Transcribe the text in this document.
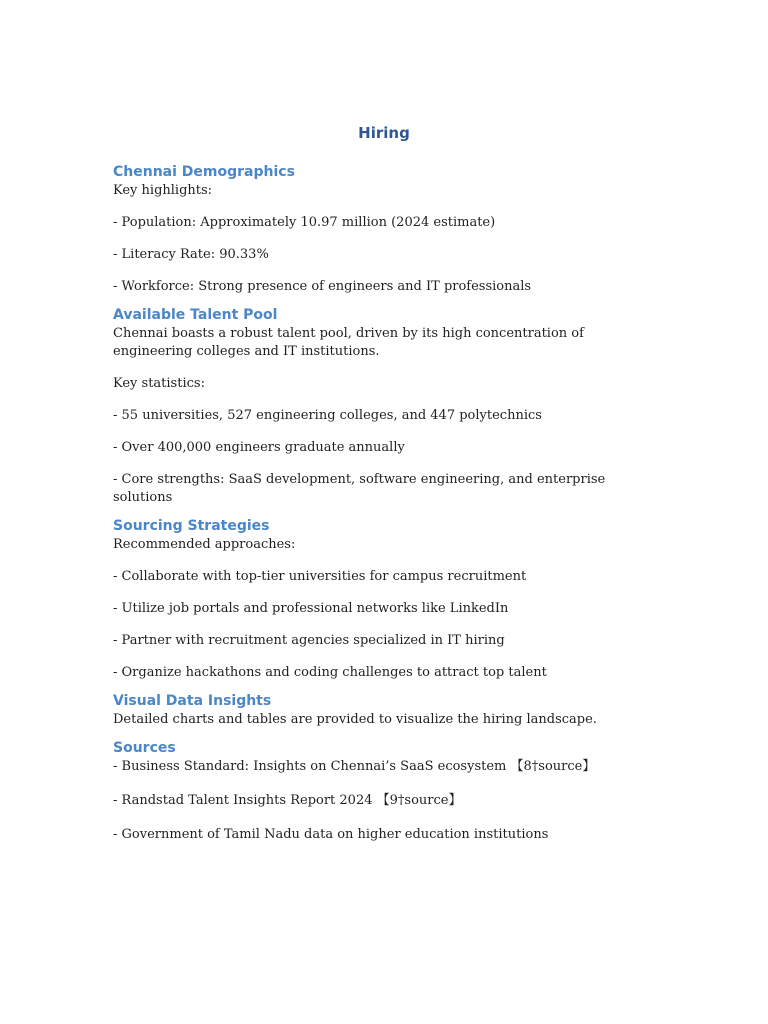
Hiring
Chennai Demographics

Key highlights:

- Population: Approximately 10.97 million (2024 estimate)

- Literacy Rate: 90.33%

- Workforce: Strong presence of engineers and IT professionals

Available Talent Pool

Chennai boasts a robust talent pool, driven by its high concentration of engineering colleges and IT institutions.

Key statistics:

- 55 universities, 527 engineering colleges, and 447 polytechnics

- Over 400,000 engineers graduate annually

- Core strengths: SaaS development, software engineering, and enterprise solutions

Sourcing Strategies

Recommended approaches:

- Collaborate with top-tier universities for campus recruitment

- Utilize job portals and professional networks like LinkedIn

- Partner with recruitment agencies specialized in IT hiring

- Organize hackathons and coding challenges to attract top talent

Visual Data Insights

Detailed charts and tables are provided to visualize the hiring landscape.

Sources

- Business Standard: Insights on Chennai’s SaaS ecosystem 【8†source】

- Randstad Talent Insights Report 2024 【9†source】

- Government of Tamil Nadu data on higher education institutions
